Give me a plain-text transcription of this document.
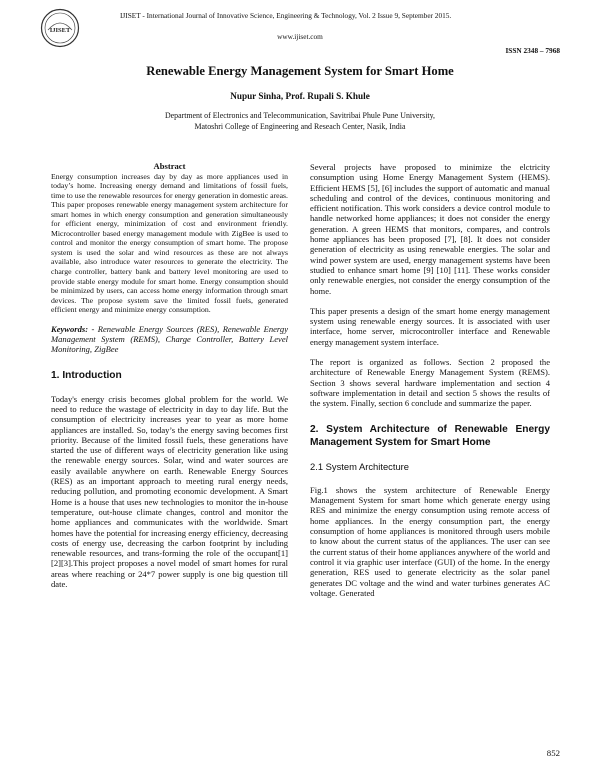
IJISET
IJISET - International Journal of Innovative Science, Engineering & Technology, Vol. 2 Issue 9, September 2015.
www.ijiset.com
ISSN 2348 – 7968
Renewable Energy Management System for Smart Home
Nupur Sinha, Prof. Rupali S. Khule
Department of Electronics and Telecommunication, Savitribai Phule Pune University,
Matoshri College of Engineering and Reseach Center, Nasik, India

Abstract

Energy consumption increases day by day as more appliances used in today’s home. Increasing energy demand and limitations of fossil fuels, time to use the renewable resources for energy generation in domestic areas. This paper proposes renewable energy management system architecture for smart homes in which energy consumption and generation simultaneously for efficient energy, minimization of cost and environment friendly. Microcontroller based energy management module with ZigBee is used to control and monitor the energy consumption of smart home. The propose system is used the solar and wind resources as these are not always available, also introduce water resources to generate the electricity. The charge controller, battery bank and battery level monitoring are used to provide stable energy module for smart home. Energy consumption should be minimized by users, can access home energy information through smart devices. The propose system save the limited fossil fuels, generated efficient energy and minimize energy consumption.

Keywords: - Renewable Energy Sources (RES), Renewable Energy Management System (REMS), Charge Controller, Battery Level Monitoring, ZigBee

1. Introduction

Today's energy crisis becomes global problem for the world. We need to reduce the wastage of electricity in day to day life. But the consumption of electricity increases year to year as more home appliances are installed. So, today’s the energy saving becomes first priority. Because of the limited fossil fuels, these generations have started the use of different ways of electricity generation like using the renewable energy sources. Solar, wind and water sources are easily available anywhere on earth. Renewable Energy Sources (RES) as an important approach to meeting rural energy needs, reducing pollution, and promoting economic development. A Smart Home is a house that uses new technologies to monitor the in-house temperature, out-house climate changes, control and monitor the home appliances and communicates with the worldwide. Smart homes have the potential for increasing energy efficiency, decreasing costs of energy use, decreasing the carbon footprint by including renewable resources, and trans-forming the role of the occupant[1][2][3].This project proposes a novel model of smart homes for rural areas where reaching or 24*7 power supply is one big question till date.

Several projects have proposed to minimize the elctricity consumption using Home Energy Management System (HEMS). Efficient HEMS [5], [6] includes the support of automatic and manual scheduling and control of the devices, continuous monitoring and efficient notification. This work considers a device control module to handle networked home appliances; it does not consider the energy generation. A green HEMS that monitors, compares, and controls home appliances has been proposed [7], [8]. It does not consider generation of electricity as using renewable energies. The solar and wind power system are used, energy management systems have been studied to enhance smart home [9] [10] [11]. These works consider only renewable energies, not consider the energy consumption of the home.

This paper presents a design of the smart home energy management system using renewable energy sources. It is associated with user interface, home server, microcontroller interface and Renewable energy management system interface.

The report is organized as follows. Section 2 proposed the architecture of Renewable Energy Management System (REMS). Section 3 shows several hardware implementation and section 4 software implementation in detail and section 5 shows the results of the system. Finally, section 6 conclude and summarize the paper.

2. System Architecture of Renewable Energy Management System for Smart Home

2.1 System Architecture

Fig.1 shows the system architecture of Renewable Energy Management System for smart home which generate energy using RES and minimize the energy consumption using remote access of home appliances. In the energy consumption part, the energy consumption of home appliances is monitored through users mobile to know about the current status of the appliances. The user can see the current status of their home appliances anywhere of the world and control it via graphic user interface (GUI) of the home. In the energy generation, RES used to generate electricity as the solar panel generates DC voltage and the wind and water turbines generates AC voltage. Generated

852
